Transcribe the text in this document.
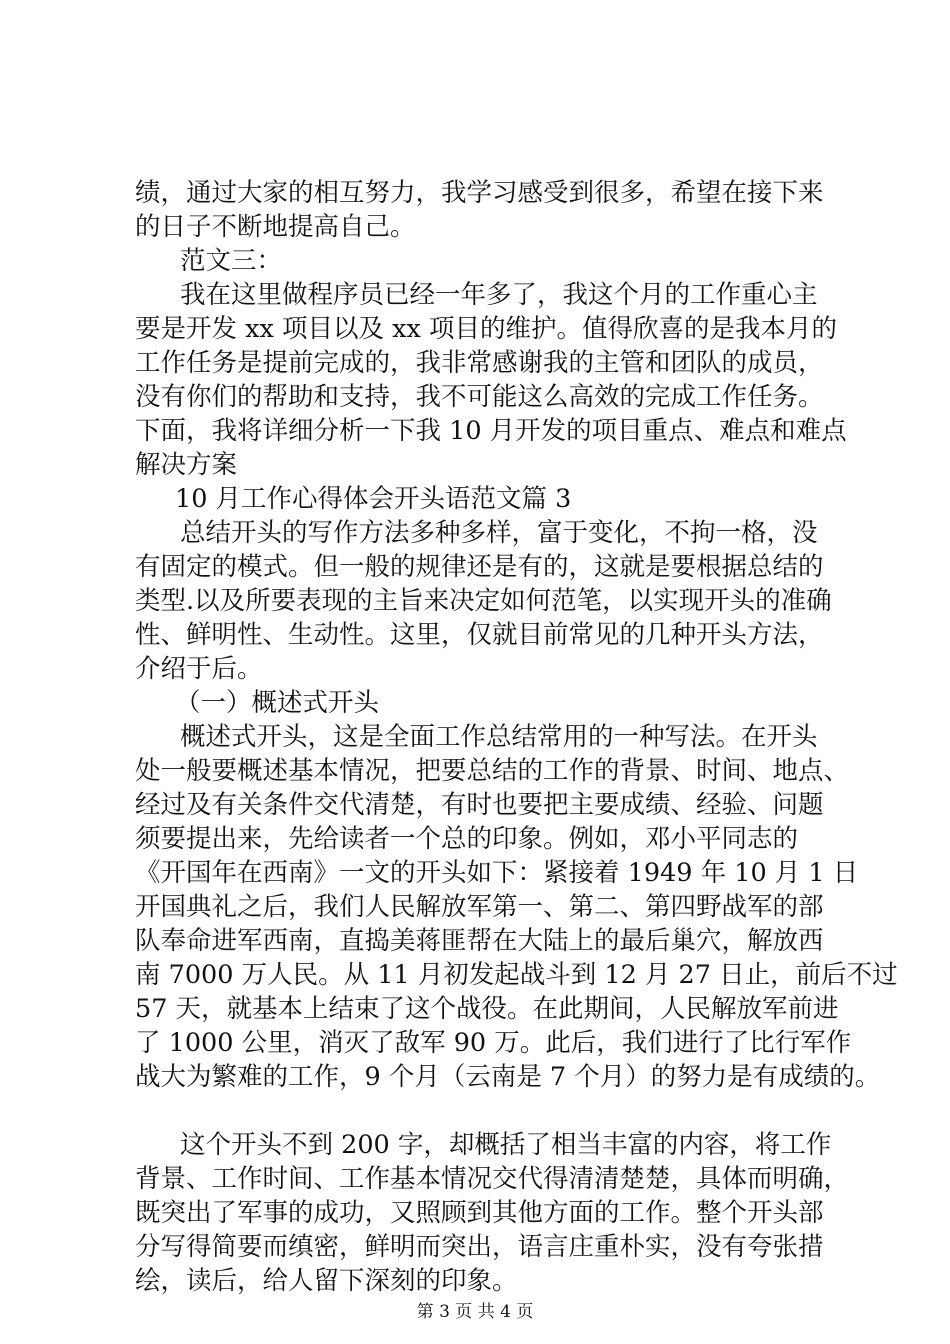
绩，通过大家的相互努力，我学习感受到很多，希望在接下来
的日子不断地提高自己。
范文三：
我在这里做程序员已经一年多了，我这个月的工作重心主
要是开发 xx 项目以及 xx 项目的维护。值得欣喜的是我本月的
工作任务是提前完成的，我非常感谢我的主管和团队的成员，
没有你们的帮助和支持，我不可能这么高效的完成工作任务。
下面，我将详细分析一下我 10 月开发的项目重点、难点和难点
解决方案
10 月工作心得体会开头语范文篇 3
总结开头的写作方法多种多样，富于变化，不拘一格，没
有固定的模式。但一般的规律还是有的，这就是要根据总结的
类型.以及所要表现的主旨来决定如何范笔，以实现开头的准确
性、鲜明性、生动性。这里，仅就目前常见的几种开头方法，
介绍于后。
（一）概述式开头
概述式开头，这是全面工作总结常用的一种写法。在开头
处一般要概述基本情况，把要总结的工作的背景、时间、地点、
经过及有关条件交代清楚，有时也要把主要成绩、经验、问题
须要提出来，先给读者一个总的印象。例如，邓小平同志的
《开国年在西南》一文的开头如下：紧接着 1949 年 10 月 1 日
开国典礼之后，我们人民解放军第一、第二、第四野战军的部
队奉命进军西南，直捣美蒋匪帮在大陆上的最后巢穴，解放西
南 7000 万人民。从 11 月初发起战斗到 12 月 27 日止，前后不过
57 天，就基本上结束了这个战役。在此期间，人民解放军前进
了 1000 公里，消灭了敌军 90 万。此后，我们进行了比行军作
战大为繁难的工作，9 个月（云南是 7 个月）的努力是有成绩的。
这个开头不到 200 字，却概括了相当丰富的内容，将工作
背景、工作时间、工作基本情况交代得清清楚楚，具体而明确，
既突出了军事的成功，又照顾到其他方面的工作。整个开头部
分写得简要而缜密，鲜明而突出，语言庄重朴实，没有夸张措
绘，读后，给人留下深刻的印象。
第 3 页 共 4 页
